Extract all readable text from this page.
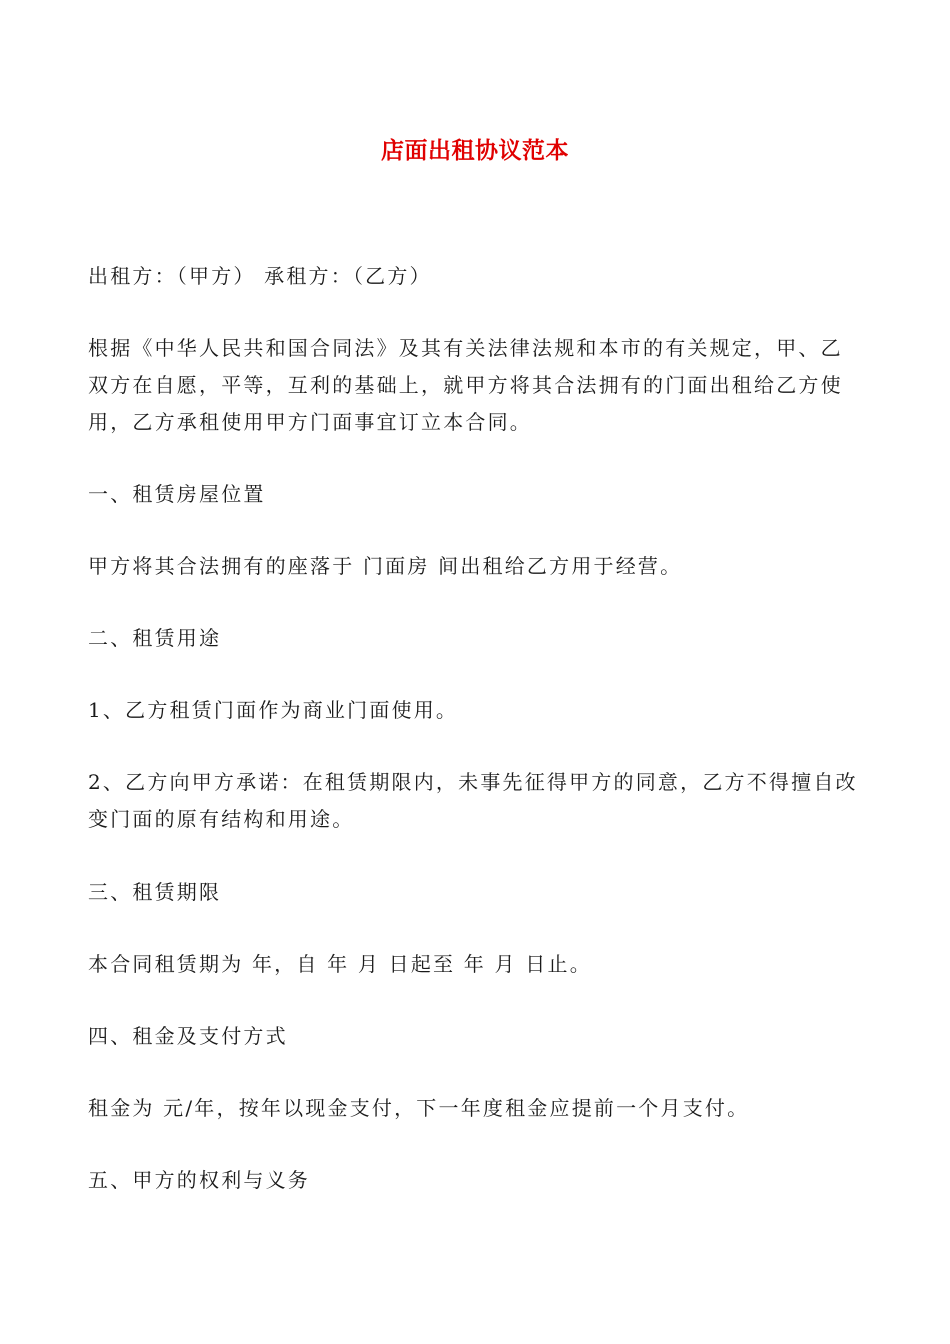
店面出租协议范本
出租方：（甲方） 承租方：（乙方）
根据《中华人民共和国合同法》及其有关法律法规和本市的有关规定，甲、乙双方在自愿，平等，互利的基础上，就甲方将其合法拥有的门面出租给乙方使用，乙方承租使用甲方门面事宜订立本合同。
一、租赁房屋位置
甲方将其合法拥有的座落于 门面房 间出租给乙方用于经营。
二、租赁用途
1、乙方租赁门面作为商业门面使用。
2、乙方向甲方承诺：在租赁期限内，未事先征得甲方的同意，乙方不得擅自改变门面的原有结构和用途。
三、租赁期限
本合同租赁期为 年，自 年 月 日起至 年 月 日止。
四、租金及支付方式
租金为 元/年，按年以现金支付，下一年度租金应提前一个月支付。
五、甲方的权利与义务
